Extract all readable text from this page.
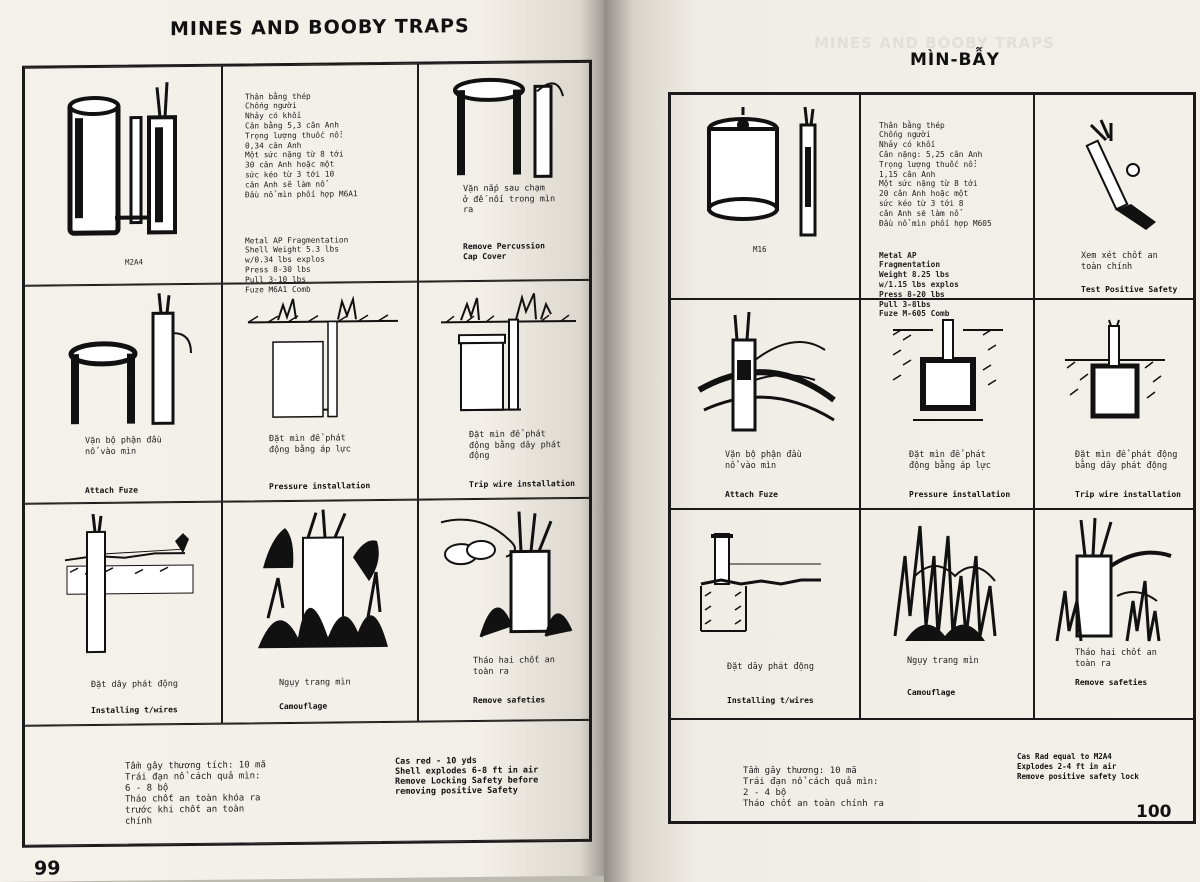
MINES AND BOOBY TRAPS
M2A4

Thân bằng thép
Chống người
Nhảy có khối
Cân bằng 5,3 cân Anh
Trọng lượng thuốc nổ:
0,34 cân Anh
Một sức nặng từ 8 tới
30 cân Anh hoặc một
sức kéo từ 3 tới 10
cân Anh sẽ làm nổ
Đầu nổ mìn phối hợp M6A1

Metal AP Fragmentation
Shell Weight 5.3 lbs
w/0.34 lbs explos
Press 8-30 lbs
Pull 3-10 lbs
Fuze M6A1 Comb

Vặn nắp sau chạm
ở đế nối trong mìn
ra
Remove Percussion
Cap Cover
Vặn bộ phận đầu
nổ vào mìn
Attach Fuze
Đặt mìn để phát
động bằng áp lực
Pressure installation
Đặt mìn để phát
động bằng dây phát
động
Trip wire installation
Đặt dây phát động
Installing t/wires
Ngụy trang mìn
Camouflage
Tháo hai chốt an
toàn ra
Remove safeties

Tầm gây thương tích: 10 mã
Trái đạn nổ cách quả mìn:
6 - 8 bộ
Tháo chốt an toàn khóa ra
trước khi chốt an toàn
chính

Cas red - 10 yds
Shell explodes 6-8 ft in air
Remove Locking Safety before
removing positive Safety

99
MINES AND BOOBY TRAPS
MÌN-BẪY
M16

Thân bằng thép
Chống người
Nhảy có khối
Cân nặng: 5,25 cân Anh
Trọng lượng thuốc nổ:
1,15 cân Anh
Một sức nặng từ 8 tới
20 cân Anh hoặc một
sức kéo từ 3 tới 8
cân Anh sẽ làm nổ
Đầu nổ mìn phối hợp M605

Metal AP
Fragmentation
Weight 8.25 lbs
w/1.15 lbs explos
Press 8-20 lbs
Pull 3-8lbs
Fuze M-605 Comb

Xem xét chốt an
toàn chính
Test Positive Safety
Vặn bộ phận đầu
nổ vào mìn
Attach Fuze
Đặt mìn để phát
động bằng áp lực
Pressure installation
Đặt mìn để phát động
bằng dây phát động
Trip wire installation
Đặt dây phát động
Installing t/wires
Ngụy trang mìn
Camouflage
Tháo hai chốt an
toàn ra
Remove safeties

Tầm gây thương: 10 mã
Trái đạn nổ cách quả mìn:
2 - 4 bộ
Tháo chốt an toàn chính ra

Cas Rad equal to M2A4
Explodes 2-4 ft in air
Remove positive safety lock

100
